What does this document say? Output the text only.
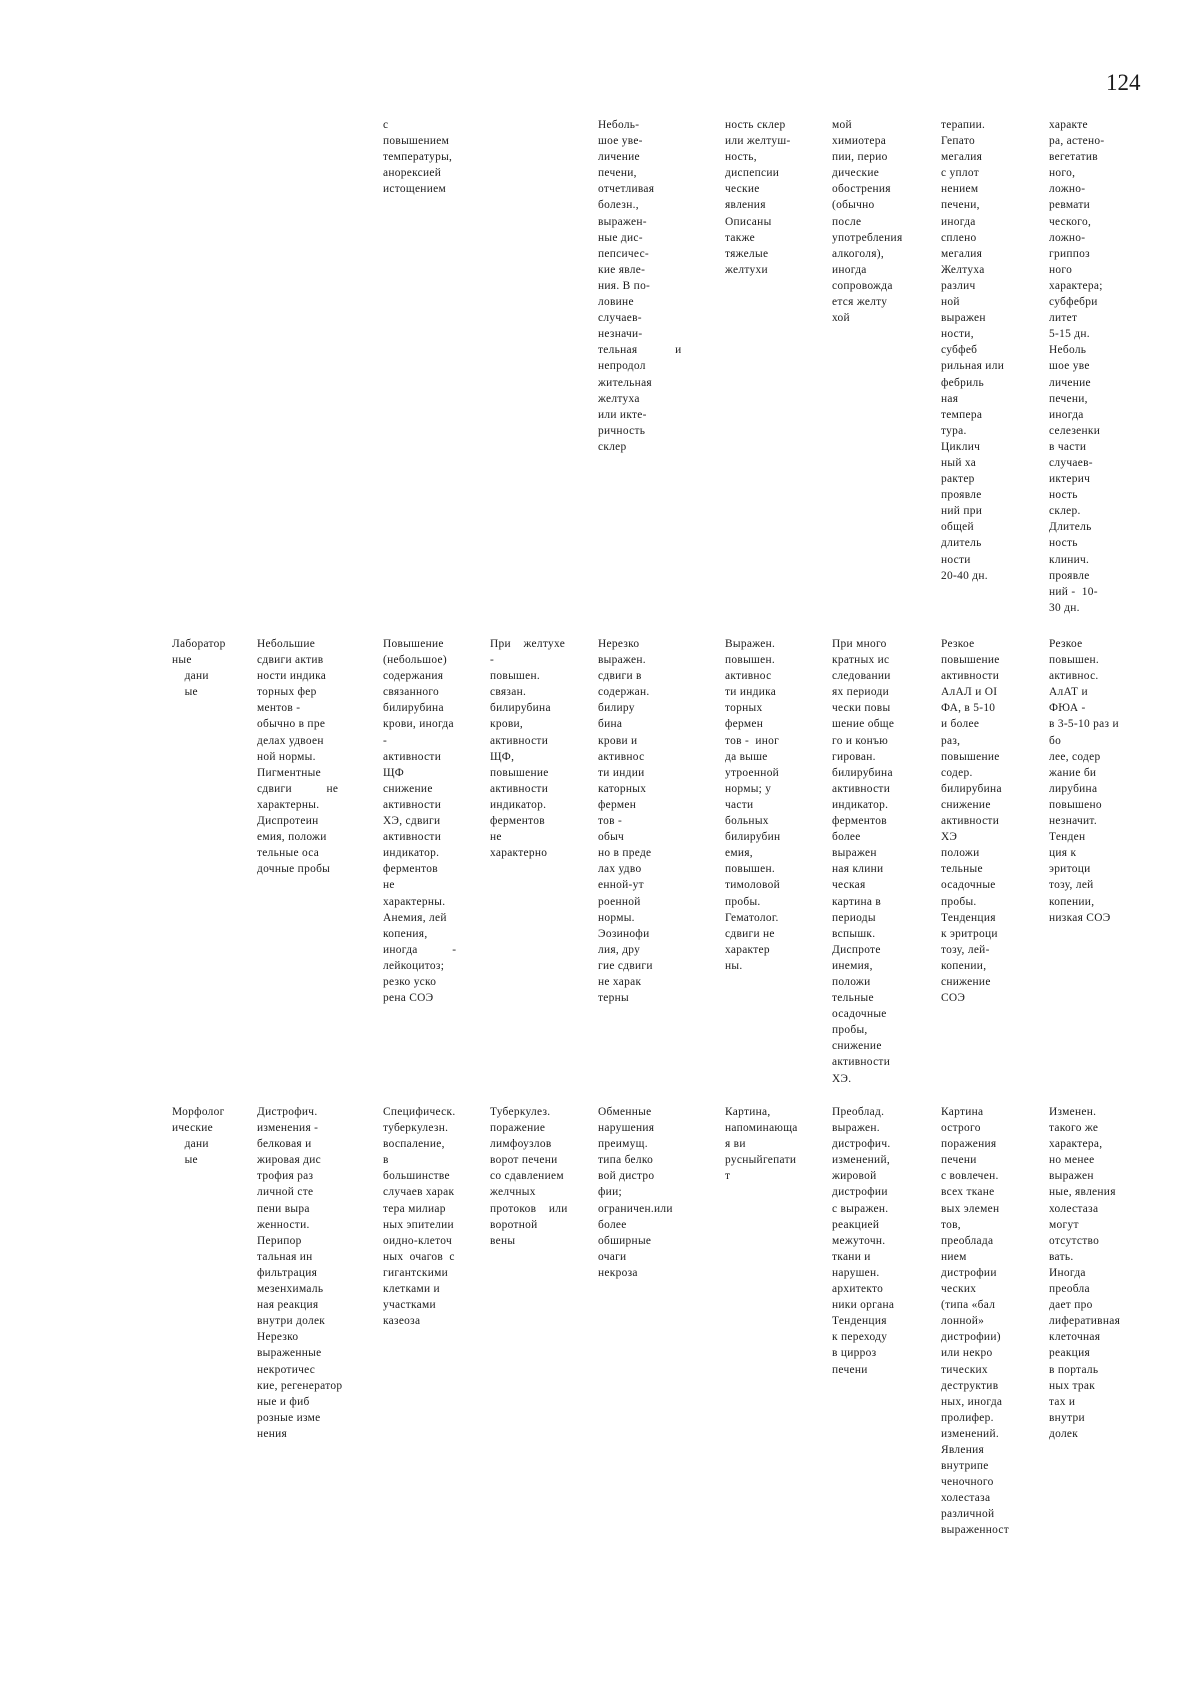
124
с
повышением
температуры,
анорексией
истощением
Неболь-
шое уве-
личение
печени,
отчетливая
болезн.,
выражен-
ные дис-
пепсичес-
кие явле-
ния. В по-
ловине
случаев-
незначи-
тельная            и
непродол
жительная
желтуха
или иктe-
ричность
склер
ность склер
или желтуш-
ность,
диспепсии
ческие
явления
Описаны
также
тяжелые
желтухи
мой
химиотера
пии, перио
дические
обострения
(обычно
после
употребления
алкоголя),
иногда
сопровожда
ется желту
хой
терапии.
Гепато
мегалия
с уплот
нением
печени,
иногда
сплено
мегалия
Желтуха
различ
ной
выражен
ности,
субфеб
рильная или
фебриль
ная
темпера
тура.
Циклич
ный ха
рактер
проявле
ний при
общей
длитель
ности
20-40 дн.
характе
ра, астено-
вегетатив
ного,
ложно-
ревмати
ческого,
ложно-
гриппоз
ного
характера;
субфебри
литет
5-15 дн.
Неболь
шое уве
личение
печени,
иногда
селезенки
в части
случаев-
иктерич
ность
склер.
Длитель
ность
клинич.
проявле
ний -  10-
30 дн.
Лаборатор
ные
дани
ые
Небольшие
сдвиги актив
ности индика
торных фер
ментов -
обычно в пре
делах удвоен
ной нормы.
Пигментные
сдвиги           не
характерны.
Диспротеин
емия, положи
тельные оса
дочные пробы
Повышение
(небольшое)
содержания
связанного
билирубина
крови, иногда
-
активности
ЩФ
снижение
активности
ХЭ, сдвиги
активности
индикатор.
ферментов
не
характерны.
Анемия, лей
копения,
иногда           -
лейкоцитоз;
резко уско
рена СОЭ
При    желтухе
-
повышен.
связан.
билирубина
крови,
активности
ЩФ,
повышение
активности
индикатор.
ферментов
не
характерно
Нерезко
выражен.
сдвиги в
содержан.
билиру
бина
крови и
активнос
ти индии
каторных
фермен
тов -
обыч
но в преде
лах удво
енной-ут
роенной
нормы.
Эозинофи
лия, дру
гие сдвиги
не харак
терны
Выражен.
повышен.
активнос
ти индика
торных
фермен
тов -  иног
да выше
утроенной
нормы; у
части
больных
билирубин
емия,
повышен.
тимоловой
пробы.
Гематолог.
сдвиги не
характер
ны.
При много
кратных ис
следовании
ях периоди
чески повы
шение обще
го и конъю
гирован.
билирубина
активности
индикатор.
ферментов
более
выражен
ная клини
ческая
картина в
периоды
вспышк.
Диспроте
инемия,
положи
тельные
осадочные
пробы,
снижение
активности
ХЭ.
Резкое
повышение
активности
АлАЛ и ОI
ФА, в 5-10
и более
раз,
повышение
содер.
билирубина
снижение
активности
ХЭ
положи
тельные
осадочные
пробы.
Тенденция
к эритроци
тозу, лей-
копении,
снижение
СОЭ
Резкое
повышен.
активнос.
АлАТ и
ФЮА -
в 3-5-10 раз и
бо
лее, содер
жание би
лирубина
повышено
незначит.
Тенден
ция к
эритоци
тозу, лей
копении,
низкая СОЭ
Морфолог
ические
дани
ые
Дистрофич.
изменения -
белковая и
жировая дис
трофия раз
личной сте
пени выра
женности.
Перипор
тальная ин
фильтрация
мезенхималь
ная реакция
внутри долек
Нерезко
выраженные
некротичес
кие, регенератор
ные и фиб
розные изме
нения
Специфическ.
туберкулезн.
воспаление,
в
большинстве
случаев харак
тера милиар
ных эпителии
оидно-клеточ
ных  очагов  с
гигантскими
клетками и
участками
казеоза
Туберкулез.
поражение
лимфоузлов
ворот печени
со сдавлением
желчных
протоков    или
воротной
вены
Обменные
нарушения
преимущ.
типа белко
вой дистро
фии;
ограничен.или
более
обширные
очаги
некроза
Картина,
напоминающа
я ви
русныйгепати
т
Преоблад.
выражен.
дистрофич.
изменений,
жировой
дистрофии
с выражен.
реакцией
межуточн.
ткани и
нарушен.
архитекто
ники органа
Тенденция
к переходу
в цирроз
печени
Картина
острого
поражения
печени
с вовлечен.
всех ткане
вых элемен
тов,
преоблада
нием
дистрофии
ческих
(типа «бал
лонной»
дистрофии)
или некро
тических
деструктив
ных, иногда
пролифер.
изменений.
Явления
внутрипе
ченочного
холестаза
различной
выраженност
Изменен.
такого же
характера,
но менее
выражен
ные, явления
холестаза
могут
отсутство
вать.
Иногда
преобла
дает про
лиферативная
клеточная
реакция
в порталь
ных трак
тах и
внутри
долек
